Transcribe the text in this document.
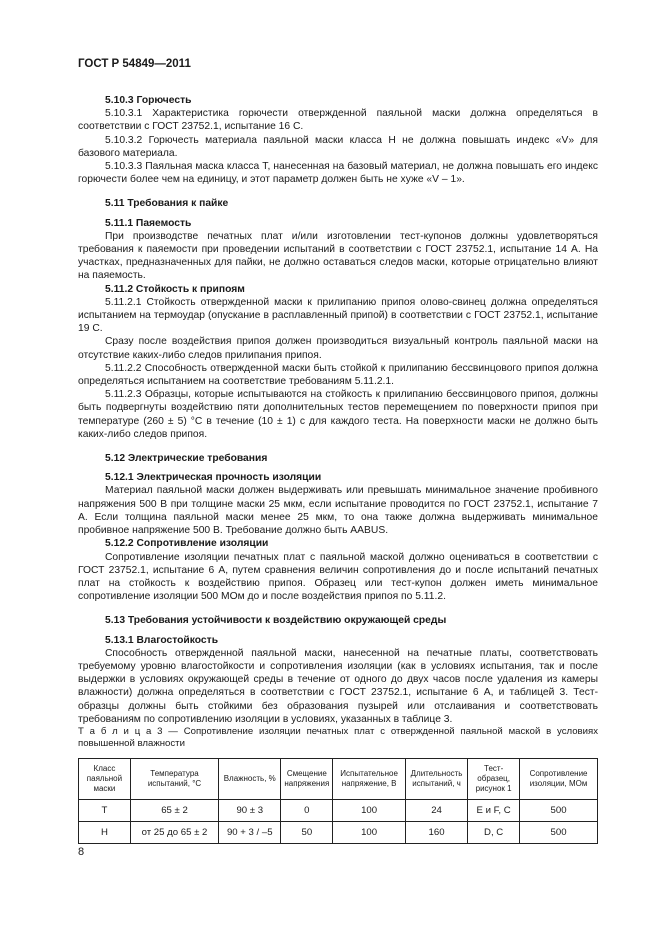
ГОСТ Р 54849—2011
5.10.3 Горючесть

5.10.3.1 Характеристика горючести отвержденной паяльной маски должна определяться в соответствии с ГОСТ 23752.1, испытание 16 С.

5.10.3.2 Горючесть материала паяльной маски класса Н не должна повышать индекс «V» для базового материала.

5.10.3.3 Паяльная маска класса Т, нанесенная на базовый материал, не должна повышать его индекс горючести более чем на единицу, и этот параметр должен быть не хуже «V – 1».

5.11 Требования к пайке
5.11.1 Паяемость

При производстве печатных плат и/или изготовлении тест-купонов должны удовлетворяться требования к паяемости при проведении испытаний в соответствии с ГОСТ 23752.1, испытание 14 А. На участках, предназначенных для пайки, не должно оставаться следов маски, которые отрицательно влияют на паяемость.

5.11.2 Стойкость к припоям

5.11.2.1 Стойкость отвержденной маски к прилипанию припоя олово-свинец должна определяться испытанием на термоудар (опускание в расплавленный припой) в соответствии с ГОСТ 23752.1, испытание 19 С.

Сразу после воздействия припоя должен производиться визуальный контроль паяльной маски на отсутствие каких-либо следов прилипания припоя.

5.11.2.2 Способность отвержденной маски быть стойкой к прилипанию бессвинцового припоя должна определяться испытанием на соответствие требованиям 5.11.2.1.

5.11.2.3 Образцы, которые испытываются на стойкость к прилипанию бессвинцового припоя, должны быть подвергнуты воздействию пяти дополнительных тестов перемещением по поверхности припоя при температуре (260 ± 5) °С в течение (10 ± 1) с для каждого теста. На поверхности маски не должно быть каких-либо следов припоя.

5.12 Электрические требования
5.12.1 Электрическая прочность изоляции

Материал паяльной маски должен выдерживать или превышать минимальное значение пробивного напряжения 500 В при толщине маски 25 мкм, если испытание проводится по ГОСТ 23752.1, испытание 7 А. Если толщина паяльной маски менее 25 мкм, то она также должна выдерживать минимальное пробивное напряжение 500 В. Требование должно быть AABUS.

5.12.2 Сопротивление изоляции

Сопротивление изоляции печатных плат с паяльной маской должно оцениваться в соответствии с ГОСТ 23752.1, испытание 6 А, путем сравнения величин сопротивления до и после испытаний печатных плат на стойкость к воздействию припоя. Образец или тест-купон должен иметь минимальное сопротивление изоляции 500 МОм до и после воздействия припоя по 5.11.2.

5.13 Требования устойчивости к воздействию окружающей среды
5.13.1 Влагостойкость

Способность отвержденной паяльной маски, нанесенной на печатные платы, соответствовать требуемому уровню влагостойкости и сопротивления изоляции (как в условиях испытания, так и после выдержки в условиях окружающей среды в течение от одного до двух часов после удаления из камеры влажности) должна определяться в соответствии с ГОСТ 23752.1, испытание 6 А, и таблицей 3. Тест-образцы должны быть стойкими без образования пузырей или отслаивания и соответствовать требованиям по сопротивлению изоляции в условиях, указанных в таблице 3.

Т а б л и ц а 3 — Сопротивление изоляции печатных плат с отвержденной паяльной маской в условиях повышенной влажности

Класс паяльной маски	Температура испытаний, °С	Влажность, %	Смещение напряжения	Испытательное напряжение, В	Длительность испытаний, ч	Тест-образец, рисунок 1	Сопротивление изоляции, МОм
Т	65 ± 2	90 ± 3	0	100	24	Е и F, С	500
Н	от 25 до 65 ± 2	90 + 3 / –5	50	100	160	D, C	500
8
